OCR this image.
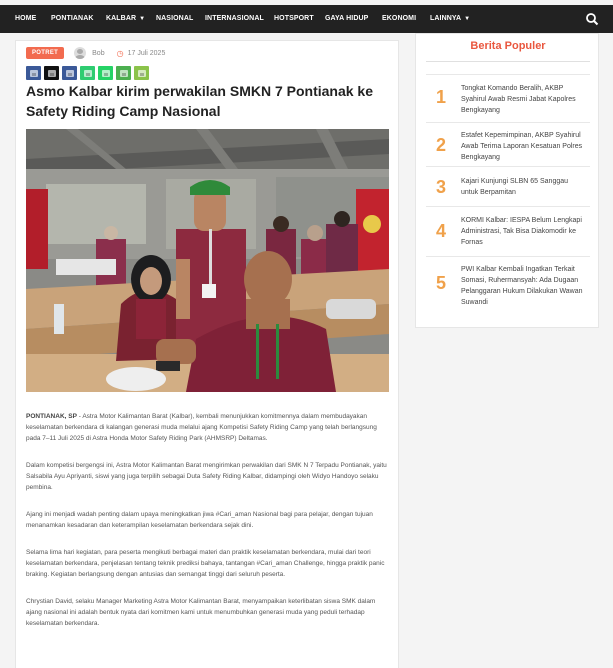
HOME PONTIANAK KALBAR ▼ NASIONAL INTERNASIONAL HOTSPORT GAYA HIDUP EKONOMI LAINNYA ▼
POTRET	Bob ◷ 17 Juli 2025
Asmo Kalbar kirim perwakilan SMKN 7 Pontianak ke Safety Riding Camp Nasional

PONTIANAK, SP - Astra Motor Kalimantan Barat (Kalbar), kembali menunjukkan komitmennya dalam membudayakan keselamatan berkendara di kalangan generasi muda melalui ajang Kompetisi Safety Riding Camp yang telah berlangsung pada 7–11 Juli 2025 di Astra Honda Motor Safety Riding Park (AHMSRP) Deltamas.

Dalam kompetisi bergengsi ini, Astra Motor Kalimantan Barat mengirimkan perwakilan dari SMK N 7 Terpadu Pontianak, yaitu Salsabila Ayu Apriyanti, siswi yang juga terpilih sebagai Duta Safety Riding Kalbar, didampingi oleh Widyo Handoyo selaku pembina.

Ajang ini menjadi wadah penting dalam upaya meningkatkan jiwa #Cari_aman Nasional bagi para pelajar, dengan tujuan menanamkan kesadaran dan keterampilan keselamatan berkendara sejak dini.

Selama lima hari kegiatan, para peserta mengikuti berbagai materi dan praktik keselamatan berkendara, mulai dari teori keselamatan berkendara, penjelasan tentang teknik prediksi bahaya, tantangan #Cari_aman Challenge, hingga praktik panic braking. Kegiatan berlangsung dengan antusias dan semangat tinggi dari seluruh peserta.

Chrystian David, selaku Manager Marketing Astra Motor Kalimantan Barat, menyampaikan keterlibatan siswa SMK dalam ajang nasional ini adalah bentuk nyata dari komitmen kami untuk menumbuhkan generasi muda yang peduli terhadap keselamatan berkendara.

Berita Populer
1 Tongkat Komando Beralih, AKBP Syahirul Awab Resmi Jabat Kapolres Bengkayang
2 Estafet Kepemimpinan, AKBP Syahirul Awab Terima Laporan Kesatuan Polres Bengkayang
3 Kajari Kunjungi SLBN 65 Sanggau untuk Berpamitan
4
KORMI Kalbar: IESPA Belum Lengkapi Administrasi, Tak Bisa Diakomodir ke Fornas
5
PWI Kalbar Kembali Ingatkan Terkait Somasi, Ruhermansyah: Ada Dugaan Pelanggaran Hukum Dilakukan Wawan Suwandi
